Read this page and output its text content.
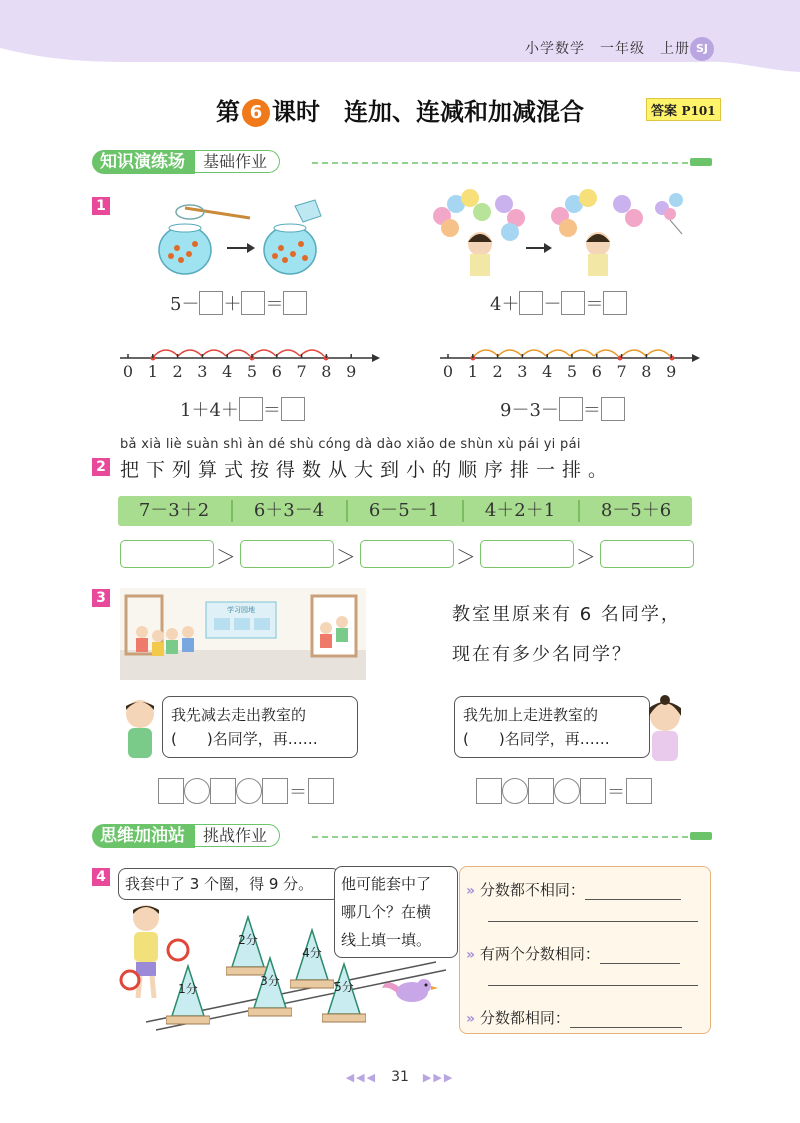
小学数学　一年级　上册 SJ
第 6 课时　 连加、连减和加减混合	答案 P101
知识演练场 基础作业
1
5－ ＋ ＝	4＋ － ＝
0 1 2 3 4 5 6 7 8 9	0 1 2 3 4 5 6 7 8 9
1＋4＋ ＝	9－3－ ＝
bǎ xià liè suàn shì àn dé shù cóng dà dào xiǎo de shùn xù pái yi pái
2 把下列算式按得数从大到小的顺序排一排。
7－3＋2	6＋3－4	6－5－1	4＋2＋1	8－5＋6
＞	＞	＞	＞
3
学习园地	教室里原来有 6 名同学，
现在有多少名同学？
我先减去走出教室的
(　　)名同学，再……
＝
我先加上走进教室的
(　　)名同学，再……
＝
思维加油站 挑战作业
4	我套中了 3 个圈，得 9 分。	他可能套中了
哪几个？在横
线上填一填。
2分
4分
1分
3分	5分
» 分数都不相同：
» 有两个分数相同：
» 分数都相同：
◀◀◀　 31　 ▶▶▶
